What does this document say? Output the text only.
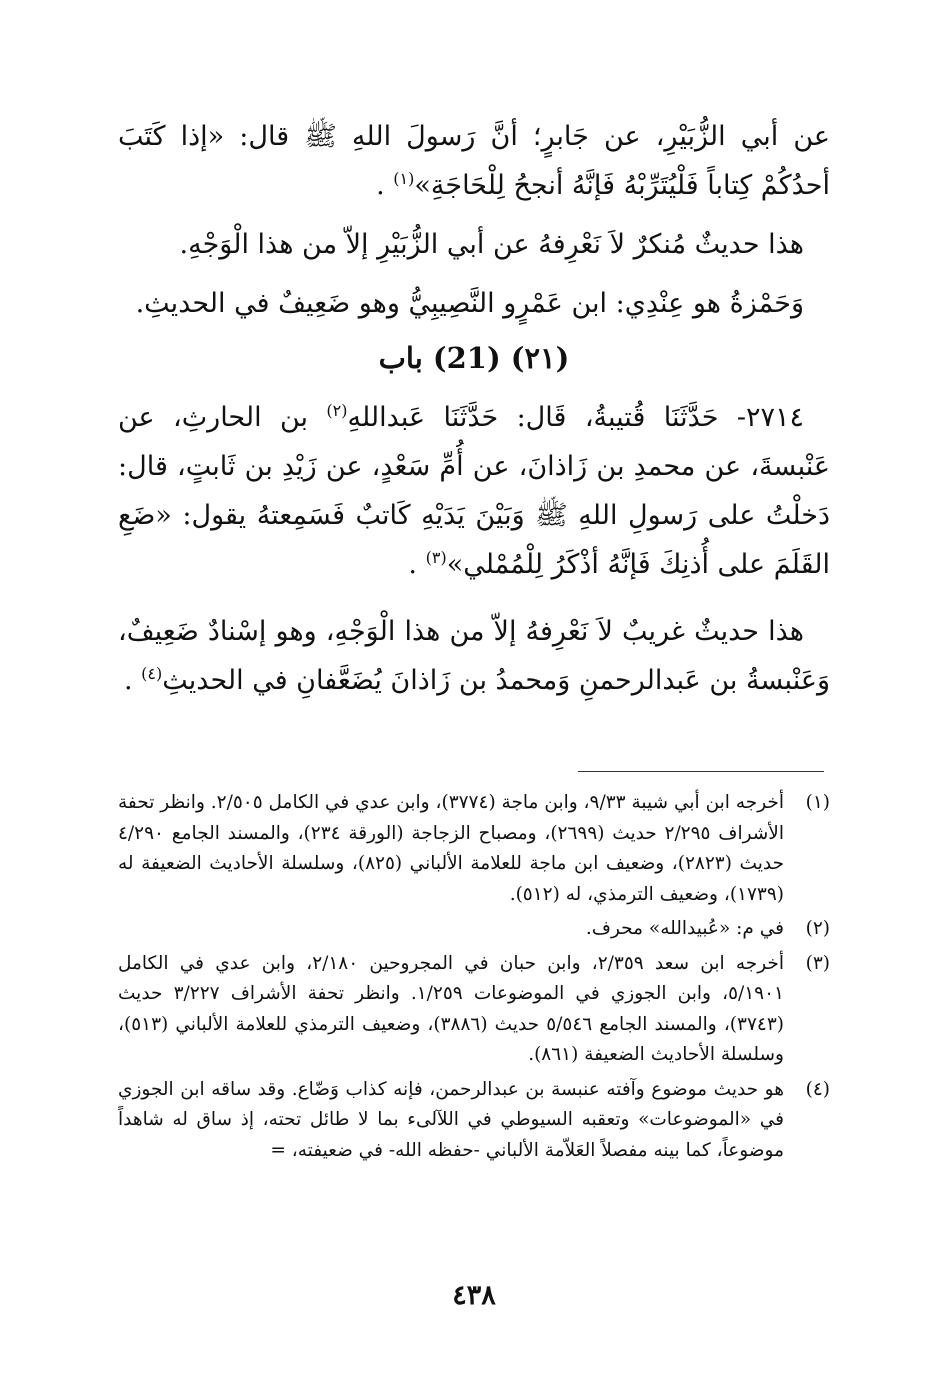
عن أبي الزُّبَيْرِ، عن جَابرٍ؛ أنَّ رَسولَ اللهِ ﷺ قال: «إذا كَتَبَ أحدُكُمْ كِتاباً فَلْيُتَرِّبْهُ فَإنَّهُ أنجحُ لِلْحَاجَةِ»$^{(١)}$ .

هذا حديثٌ مُنكرٌ لاَ نَعْرِفهُ عن أبي الزُّبَيْرِ إلاّ من هذا الْوَجْهِ.

وَحَمْزةُ هو عِنْدِي: ابن عَمْرٍو النَّصِيبِيُّ وهو ضَعِيفٌ في الحديثِ.

(٢١) (21)باب

٢٧١٤- حَدَّثَنَا قُتيبةُ، قَال: حَدَّثَنَا عَبداللهِ$^{(٢)}$ بن الحارثِ، عن عَنْبسةَ، عن محمدِ بن زَاذانَ، عن أُمِّ سَعْدٍ، عن زَيْدِ بن ثَابتٍ، قال: دَخلْتُ على رَسولِ اللهِ ﷺ وَبَيْنَ يَدَيْهِ كَاتبٌ فَسَمِعتهُ يقول: «ضَعِ القَلَمَ على أُذنِكَ فَإنَّهُ أذْكَرُ لِلْمُمْلي»$^{(٣)}$ .

هذا حديثٌ غريبٌ لاَ نَعْرِفهُ إلاّ من هذا الْوَجْهِ، وهو إسْنادٌ ضَعِيفٌ، وَعَنْبسةُ بن عَبدالرحمنِ وَمحمدُ بن زَاذانَ يُضَعَّفانِ في الحديثِ$^{(٤)}$ .

(١)
أخرجه ابن أبي شيبة ٩/٣٣، وابن ماجة (٣٧٧٤)، وابن عدي في الكامل ٢/٥٠٥. وانظر تحفة الأشراف ٢/٢٩٥ حديث (٢٦٩٩)، ومصباح الزجاجة (الورقة ٢٣٤)، والمسند الجامع ٤/٢٩٠ حديث (٢٨٢٣)، وضعيف ابن ماجة للعلامة الألباني (٨٢٥)، وسلسلة الأحاديث الضعيفة له (١٧٣٩)، وضعيف الترمذي، له (٥١٢).
(٢)
في م: «عُبيدالله» محرف.
(٣)
أخرجه ابن سعد ٢/٣٥٩، وابن حبان في المجروحين ٢/١٨٠، وابن عدي في الكامل ٥/١٩٠١، وابن الجوزي في الموضوعات ١/٢٥٩. وانظر تحفة الأشراف ٣/٢٢٧ حديث (٣٧٤٣)، والمسند الجامع ٥/٥٤٦ حديث (٣٨٨٦)، وضعيف الترمذي للعلامة الألباني (٥١٣)، وسلسلة الأحاديث الضعيفة (٨٦١).
(٤)
هو حديث موضوع وآفته عنبسة بن عبدالرحمن، فإنه كذاب وَضّاع. وقد ساقه ابن الجوزي في «الموضوعات» وتعقبه السيوطي في اللآلىء بما لا طائل تحته، إذ ساق له شاهداً موضوعاً، كما بينه مفصلاً العَلاّمة الألباني -حفظه الله- في ضعيفته، =
٤٣٨
